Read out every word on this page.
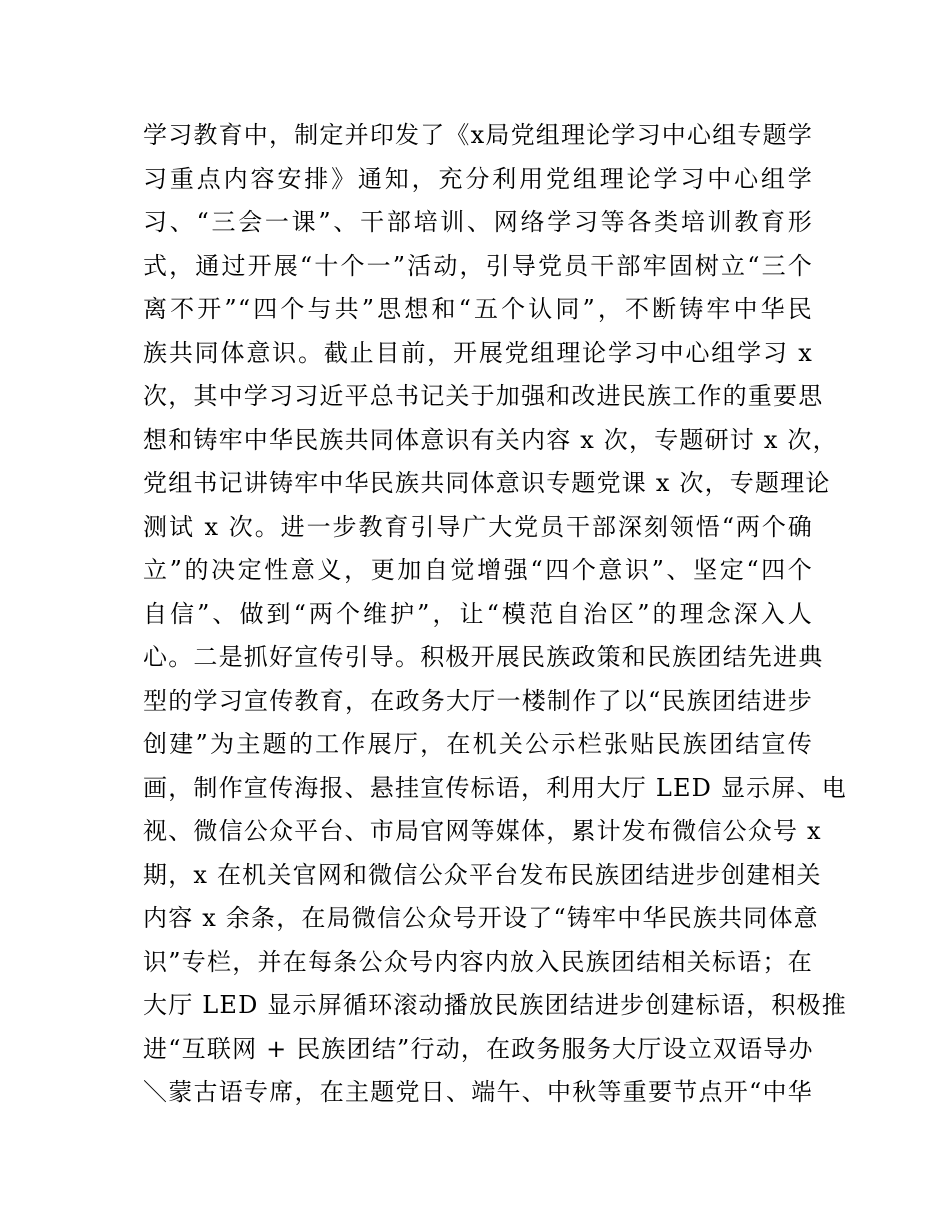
学习教育中，制定并印发了《x局党组理论学习中心组专题学
习重点内容安排》通知，充分利用党组理论学习中心组学
习、“三会一课”、干部培训、网络学习等各类培训教育形
式，通过开展“十个一”活动，引导党员干部牢固树立“三个
离不开”“四个与共”思想和“五个认同”，不断铸牢中华民
族共同体意识。截止目前，开展党组理论学习中心组学习 x
次，其中学习习近平总书记关于加强和改进民族工作的重要思
想和铸牢中华民族共同体意识有关内容 x 次，专题研讨 x 次，
党组书记讲铸牢中华民族共同体意识专题党课 x 次，专题理论
测试 x 次。进一步教育引导广大党员干部深刻领悟“两个确
立”的决定性意义，更加自觉增强“四个意识”、坚定“四个
自信”、做到“两个维护”，让“模范自治区”的理念深入人
心。二是抓好宣传引导。积极开展民族政策和民族团结先进典
型的学习宣传教育，在政务大厅一楼制作了以“民族团结进步
创建”为主题的工作展厅，在机关公示栏张贴民族团结宣传
画，制作宣传海报、悬挂宣传标语，利用大厅 LED 显示屏、电
视、微信公众平台、市局官网等媒体，累计发布微信公众号 x
期，x 在机关官网和微信公众平台发布民族团结进步创建相关
内容 x 余条，在局微信公众号开设了“铸牢中华民族共同体意
识”专栏，并在每条公众号内容内放入民族团结相关标语；在
大厅 LED 显示屏循环滚动播放民族团结进步创建标语，积极推
进“互联网 + 民族团结”行动，在政务服务大厅设立双语导办
＼蒙古语专席，在主题党日、端午、中秋等重要节点开“中华
